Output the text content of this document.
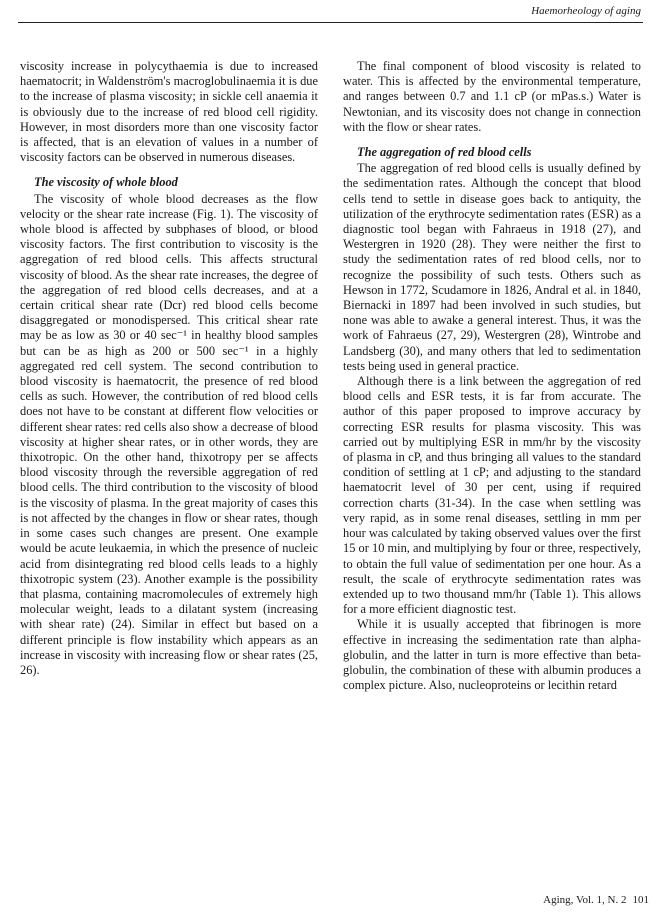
Haemorheology of aging

viscosity increase in polycythaemia is due to increased haematocrit; in Waldenström's macroglobulinaemia it is due to the increase of plasma viscosity; in sickle cell anaemia it is obviously due to the increase of red blood cell rigidity. However, in most disorders more than one viscosity factor is affected, that is an elevation of values in a number of viscosity factors can be observed in numerous diseases.

The viscosity of whole blood

The viscosity of whole blood decreases as the flow velocity or the shear rate increase (Fig. 1). The viscosity of whole blood is affected by subphases of blood, or blood viscosity factors. The first contribution to viscosity is the aggregation of red blood cells. This affects structural viscosity of blood. As the shear rate increases, the degree of the aggregation of red blood cells decreases, and at a certain critical shear rate (Dcr) red blood cells become disaggregated or monodispersed. This critical shear rate may be as low as 30 or 40 sec⁻¹ in healthy blood samples but can be as high as 200 or 500 sec⁻¹ in a highly aggregated red cell system. The second contribution to blood viscosity is haematocrit, the presence of red blood cells as such. However, the contribution of red blood cells does not have to be constant at different flow velocities or different shear rates: red cells also show a decrease of blood viscosity at higher shear rates, or in other words, they are thixotropic. On the other hand, thixotropy per se affects blood viscosity through the reversible aggregation of red blood cells. The third contribution to the viscosity of blood is the viscosity of plasma. In the great majority of cases this is not affected by the changes in flow or shear rates, though in some cases such changes are present. One example would be acute leukaemia, in which the presence of nucleic acid from disintegrating red blood cells leads to a highly thixotropic system (23). Another example is the possibility that plasma, containing macromolecules of extremely high molecular weight, leads to a dilatant system (increasing with shear rate) (24). Similar in effect but based on a different principle is flow instability which appears as an increase in viscosity with increasing flow or shear rates (25, 26).

The final component of blood viscosity is related to water. This is affected by the environmental temperature, and ranges between 0.7 and 1.1 cP (or mPas.s.) Water is Newtonian, and its viscosity does not change in connection with the flow or shear rates.

The aggregation of red blood cells

The aggregation of red blood cells is usually defined by the sedimentation rates. Although the concept that blood cells tend to settle in disease goes back to antiquity, the utilization of the erythrocyte sedimentation rates (ESR) as a diagnostic tool began with Fahraeus in 1918 (27), and Westergren in 1920 (28). They were neither the first to study the sedimentation rates of red blood cells, nor to recognize the possibility of such tests. Others such as Hewson in 1772, Scudamore in 1826, Andral et al. in 1840, Biernacki in 1897 had been involved in such studies, but none was able to awake a general interest. Thus, it was the work of Fahraeus (27, 29), Westergren (28), Wintrobe and Landsberg (30), and many others that led to sedimentation tests being used in general practice.

Although there is a link between the aggregation of red blood cells and ESR tests, it is far from accurate. The author of this paper proposed to improve accuracy by correcting ESR results for plasma viscosity. This was carried out by multiplying ESR in mm/hr by the viscosity of plasma in cP, and thus bringing all values to the standard condition of settling at 1 cP; and adjusting to the standard haematocrit level of 30 per cent, using if required correction charts (31-34). In the case when settling was very rapid, as in some renal diseases, settling in mm per hour was calculated by taking observed values over the first 15 or 10 min, and multiplying by four or three, respectively, to obtain the full value of sedimentation per one hour. As a result, the scale of erythrocyte sedimentation rates was extended up to two thousand mm/hr (Table 1). This allows for a more efficient diagnostic test.

While it is usually accepted that fibrinogen is more effective in increasing the sedimentation rate than alpha-globulin, and the latter in turn is more effective than beta-globulin, the combination of these with albumin produces a complex picture. Also, nucleoproteins or lecithin retard

Aging, Vol. 1, N. 2 101
